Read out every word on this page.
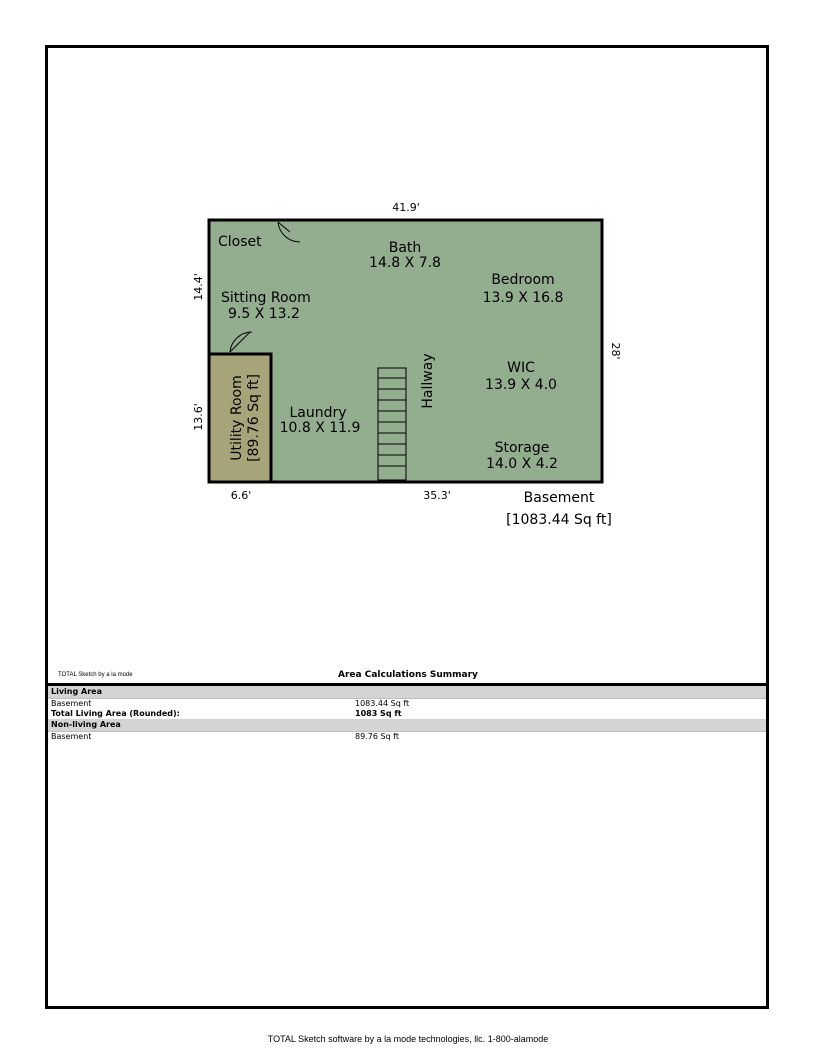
41.9'
14.4'
13.6'
28'
6.6'	35.3'
Closet	Bath
14.8 X 7.8
Bedroom
13.9 X 16.8
Sitting Room
9.5 X 13.2
Utility Room [89.76 Sq ft] Laundry
10.8 X 11.9
Hallway	WIC
13.9 X 4.0
Storage
14.0 X 4.2
Basement
[1083.44 Sq ft]
TOTAL Sketch by a la mode	Area Calculations Summary
Living Area
Basement	1083.44 Sq ft
Total Living Area (Rounded):	1083 Sq ft
Non-living Area
Basement	89.76 Sq ft
TOTAL Sketch software by a la mode technologies, llc. 1-800-alamode
